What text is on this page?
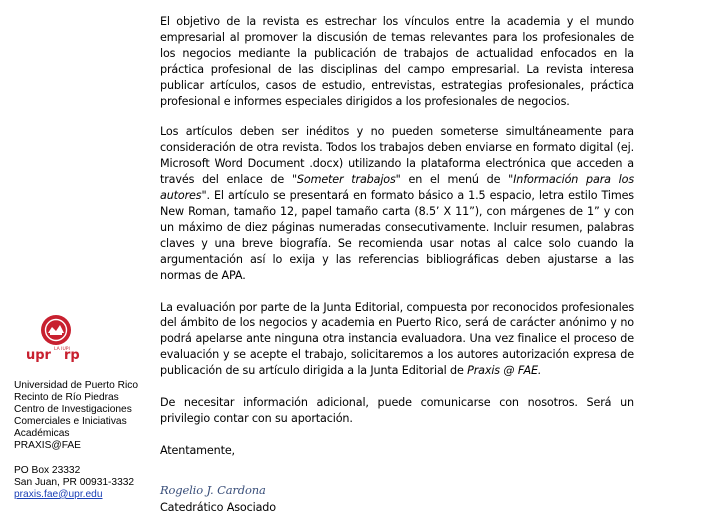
El objetivo de la revista es estrechar los vínculos entre la academia y el mundo empresarial al promover la discusión de temas relevantes para los profesionales de los negocios mediante la publicación de trabajos de actualidad enfocados en la práctica profesional de las disciplinas del campo empresarial. La revista interesa publicar artículos, casos de estudio, entrevistas, estrategias profesionales, práctica profesional e informes especiales dirigidos a los profesionales de negocios.

Los artículos deben ser inéditos y no pueden someterse simultáneamente para consideración de otra revista. Todos los trabajos deben enviarse en formato digital (ej. Microsoft Word Document .docx) utilizando la plataforma electrónica que acceden a través del enlace de "Someter trabajos" en el menú de "Información para los autores". El artículo se presentará en formato básico a 1.5 espacio, letra estilo Times New Roman, tamaño 12, papel tamaño carta (8.5’ X 11”), con márgenes de 1” y con un máximo de diez páginas numeradas consecutivamente. Incluir resumen, palabras claves y una breve biografía. Se recomienda usar notas al calce solo cuando la argumentación así lo exija y las referencias bibliográficas deben ajustarse a las normas de APA.

La evaluación por parte de la Junta Editorial, compuesta por reconocidos profesionales del ámbito de los negocios y academia en Puerto Rico, será de carácter anónimo y no podrá apelarse ante ninguna otra instancia evaluadora. Una vez finalice el proceso de evaluación y se acepte el trabajo, solicitaremos a los autores autorización expresa de publicación de su artículo dirigida a la Junta Editorial de Praxis @ FAE.

De necesitar información adicional, puede comunicarse con nosotros. Será un privilegio contar con su aportación.

Atentamente,
Rogelio J. Cardona
Catedrático Asociado

upr rp
LA IUPI
Universidad de Puerto Rico
Recinto de Río Piedras
Centro de Investigaciones
Comerciales e Iniciativas
Académicas
PRAXIS@FAE
PO Box 23332
San Juan, PR 00931-3332
praxis.fae@upr.edu
